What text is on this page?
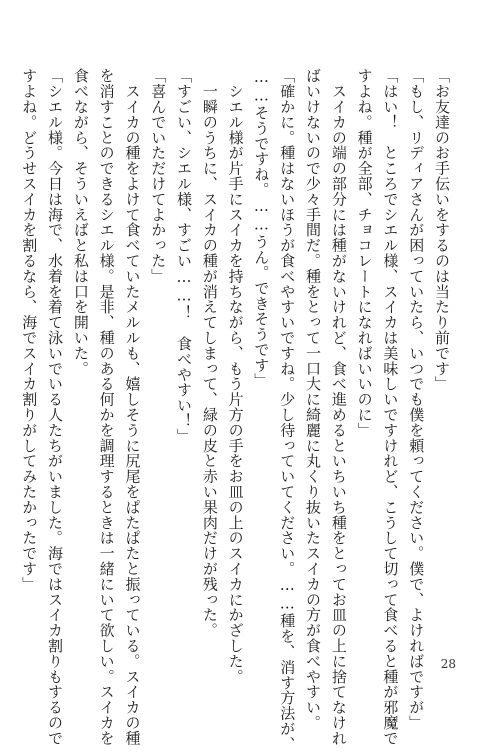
「お友達のお手伝いをするのは当たり前です」
「もし、リディアさんが困っていたら、いつでも僕を頼ってください。僕で、よければですが」
「はい！　ところでシエル様、スイカは美味しいですけれど、こうして切って食べると種が邪魔で
すよね。種が全部、チョコレートになればいいのに」
　スイカの端の部分には種がないけれど、食べ進めるといちいち種をとってお皿の上に捨てなけれ
ばいけないので少々手間だ。種をとって一口大に綺麗に丸くり抜いたスイカの方が食べやすい。
「確かに。種はないほうが食べやすいですね。少し待っていてください。……種を、消す方法が、
……そうですね。……うん。できそうです」
　シエル様が片手にスイカを持ちながら、もう片方の手をお皿の上のスイカにかざした。
　一瞬のうちに、スイカの種が消えてしまって、緑の皮と赤い果肉だけが残った。
「すごい、シエル様、すごい……！　食べやすい！」
「喜んでいただけてよかった」
　スイカの種をよけて食べていたメルルも、嬉しそうに尻尾をぱたぱたと振っている。スイカの種
を消すことのできるシエル様。是非、種のある何かを調理するときは一緒にいて欲しい。スイカを
食べながら、そういえばと私は口を開いた。
「シエル様。今日は海で、水着を着て泳いでいる人たちがいました。海ではスイカ割りもするので
すよね。どうせスイカを割るなら、海でスイカ割りがしてみたかったです」
28
